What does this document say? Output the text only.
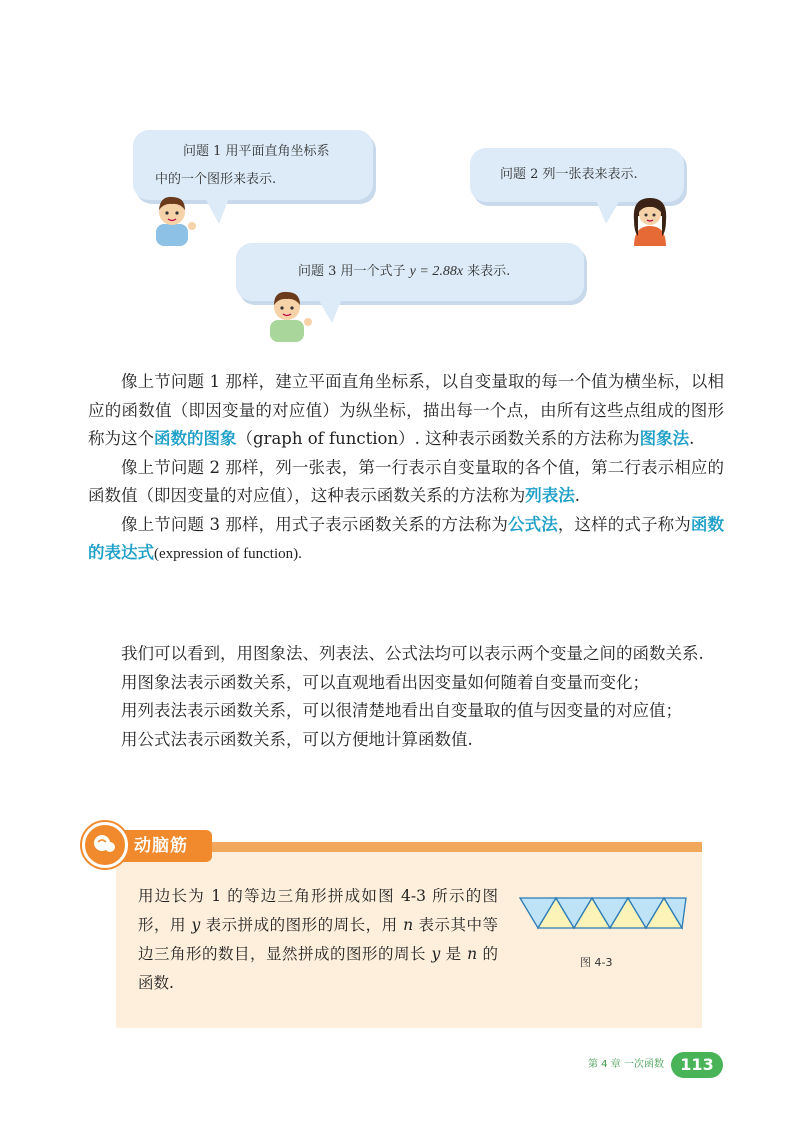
问题 1 用平面直角坐标系
中的一个图形来表示.	问题 2 列一张表来表示.
问题 3 用一个式子 y = 2.88x 来表示.

像上节问题 1 那样，建立平面直角坐标系，以自变量取的每一个值为横坐标，以相应的函数值（即因变量的对应值）为纵坐标，描出每一个点，由所有这些点组成的图形称为这个函数的图象（graph of function）. 这种表示函数关系的方法称为图象法.

像上节问题 2 那样，列一张表，第一行表示自变量取的各个值，第二行表示相应的函数值（即因变量的对应值），这种表示函数关系的方法称为列表法.

像上节问题 3 那样，用式子表示函数关系的方法称为公式法，这样的式子称为函数的表达式(expression of function).

我们可以看到，用图象法、列表法、公式法均可以表示两个变量之间的函数关系.

用图象法表示函数关系，可以直观地看出因变量如何随着自变量而变化；

用列表法表示函数关系，可以很清楚地看出自变量取的值与因变量的对应值；

用公式法表示函数关系，可以方便地计算函数值.

动脑筋

用边长为 1 的等边三角形拼成如图 4-3 所示的图形，用 y 表示拼成的图形的周长，用 n 表示其中等边三角形的数目，显然拼成的图形的周长 y 是 n 的函数.

图 4-3
第 4 章 一次函数	113
